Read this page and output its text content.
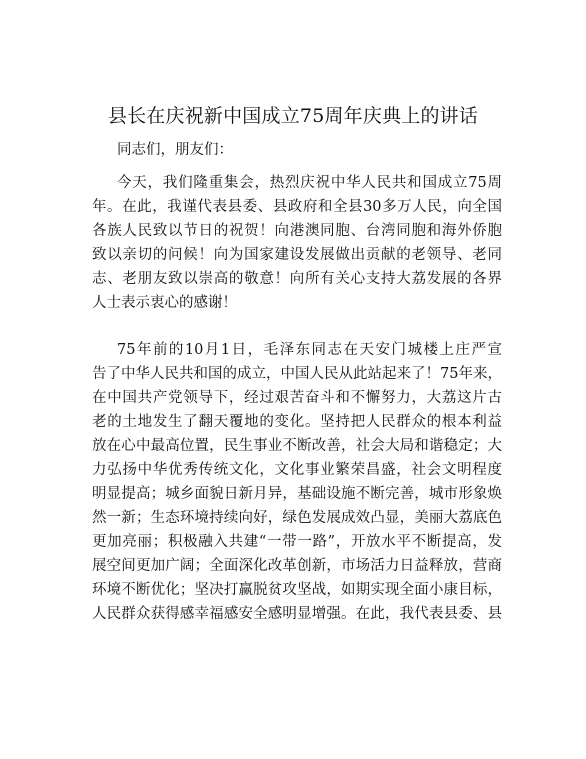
县长在庆祝新中国成立75周年庆典上的讲话
同志们，朋友们：
今天，我们隆重集会，热烈庆祝中华人民共和国成立75周
年。在此，我谨代表县委、县政府和全县30多万人民，向全国
各族人民致以节日的祝贺！向港澳同胞、台湾同胞和海外侨胞
致以亲切的问候！向为国家建设发展做出贡献的老领导、老同
志、老朋友致以崇高的敬意！向所有关心支持大荔发展的各界
人士表示衷心的感谢！
75年前的10月1日，毛泽东同志在天安门城楼上庄严宣
告了中华人民共和国的成立，中国人民从此站起来了！75年来，
在中国共产党领导下，经过艰苦奋斗和不懈努力，大荔这片古
老的土地发生了翻天覆地的变化。坚持把人民群众的根本利益
放在心中最高位置，民生事业不断改善，社会大局和谐稳定；大
力弘扬中华优秀传统文化，文化事业繁荣昌盛，社会文明程度
明显提高；城乡面貌日新月异，基础设施不断完善，城市形象焕
然一新；生态环境持续向好，绿色发展成效凸显，美丽大荔底色
更加亮丽；积极融入共建“一带一路”，开放水平不断提高，发
展空间更加广阔；全面深化改革创新，市场活力日益释放，营商
环境不断优化；坚决打赢脱贫攻坚战，如期实现全面小康目标，
人民群众获得感幸福感安全感明显增强。在此，我代表县委、县
